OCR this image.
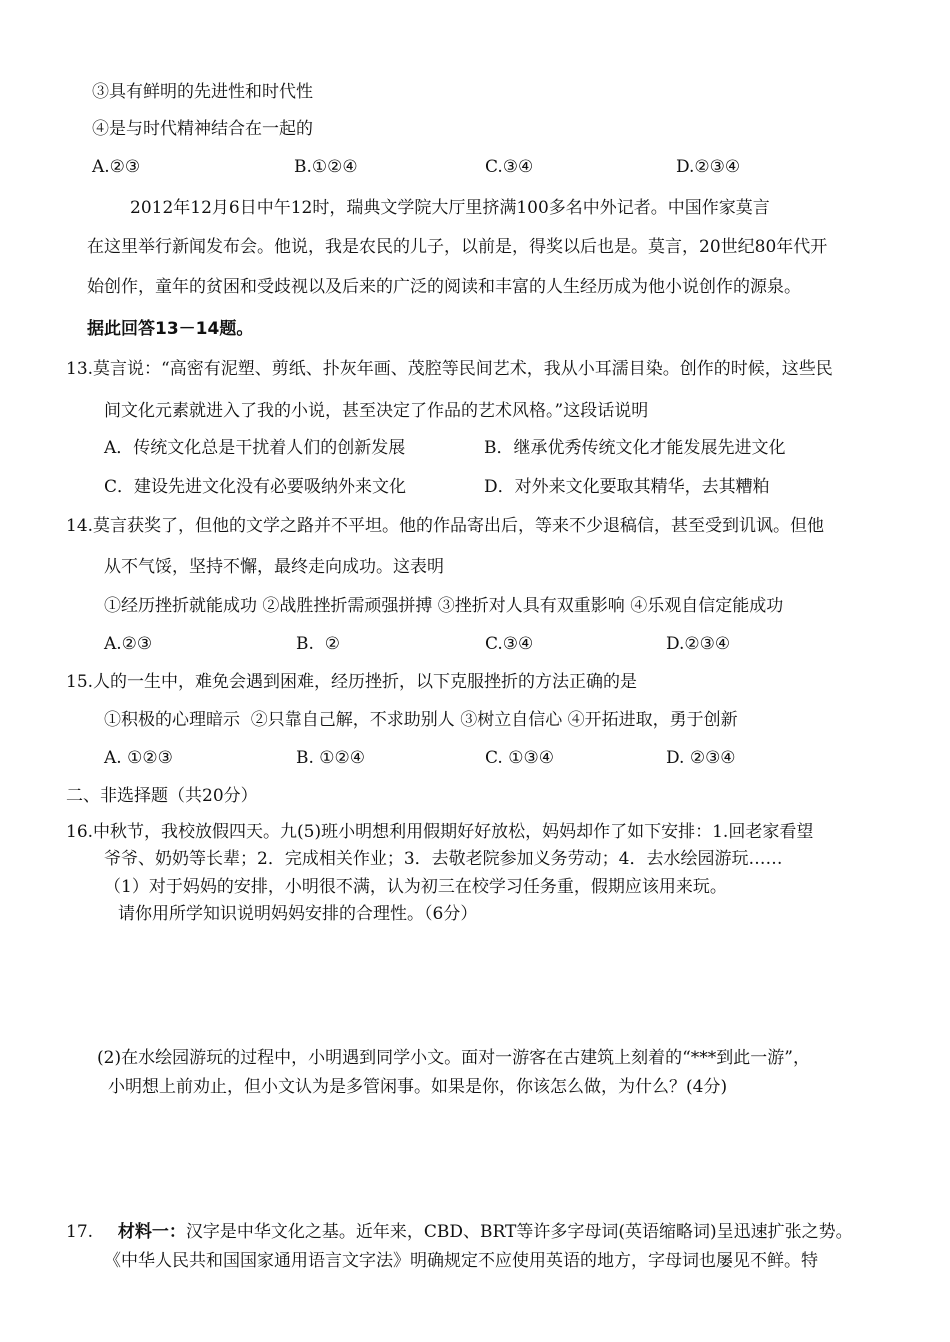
③具有鲜明的先进性和时代性
④是与时代精神结合在一起的
A.②③	B.①②④	C.③④	D.②③④
2012年12月6日中午12时，瑞典文学院大厅里挤满100多名中外记者。中国作家莫言
在这里举行新闻发布会。他说，我是农民的儿子，以前是，得奖以后也是。莫言，20世纪80年代开
始创作，童年的贫困和受歧视以及后来的广泛的阅读和丰富的人生经历成为他小说创作的源泉。
据此回答13－14题。
13.莫言说：“高密有泥塑、剪纸、扑灰年画、茂腔等民间艺术，我从小耳濡目染。创作的时候，这些民
间文化元素就进入了我的小说，甚至决定了作品的艺术风格。”这段话说明
A．传统文化总是干扰着人们的创新发展	B．继承优秀传统文化才能发展先进文化
C．建设先进文化没有必要吸纳外来文化	D．对外来文化要取其精华，去其糟粕
14.莫言获奖了，但他的文学之路并不平坦。他的作品寄出后，等来不少退稿信，甚至受到讥讽。但他
从不气馁，坚持不懈，最终走向成功。这表明
①经历挫折就能成功 ②战胜挫折需顽强拼搏 ③挫折对人具有双重影响 ④乐观自信定能成功
A.②③	B.  ②	C.③④	D.②③④
15.人的一生中，难免会遇到困难，经历挫折，以下克服挫折的方法正确的是
①积极的心理暗示  ②只靠自己解，不求助别人 ③树立自信心 ④开拓进取，勇于创新
A. ①②③	B. ①②④	C. ①③④	D. ②③④
二、非选择题（共20分）
16.中秋节，我校放假四天。九(5)班小明想利用假期好好放松，妈妈却作了如下安排：1.回老家看望
爷爷、奶奶等长辈；2．完成相关作业；3．去敬老院参加义务劳动；4．去水绘园游玩……
（1）对于妈妈的安排，小明很不满，认为初三在校学习任务重，假期应该用来玩。
请你用所学知识说明妈妈安排的合理性。（6分）
(2)在水绘园游玩的过程中，小明遇到同学小文。面对一游客在古建筑上刻着的“***到此一游”，
小明想上前劝止，但小文认为是多管闲事。如果是你，你该怎么做，为什么？(4分)
17. 材料一：汉字是中华文化之基。近年来，CBD、BRT等许多字母词(英语缩略词)呈迅速扩张之势。
《中华人民共和国国家通用语言文字法》明确规定不应使用英语的地方，字母词也屡见不鲜。特
